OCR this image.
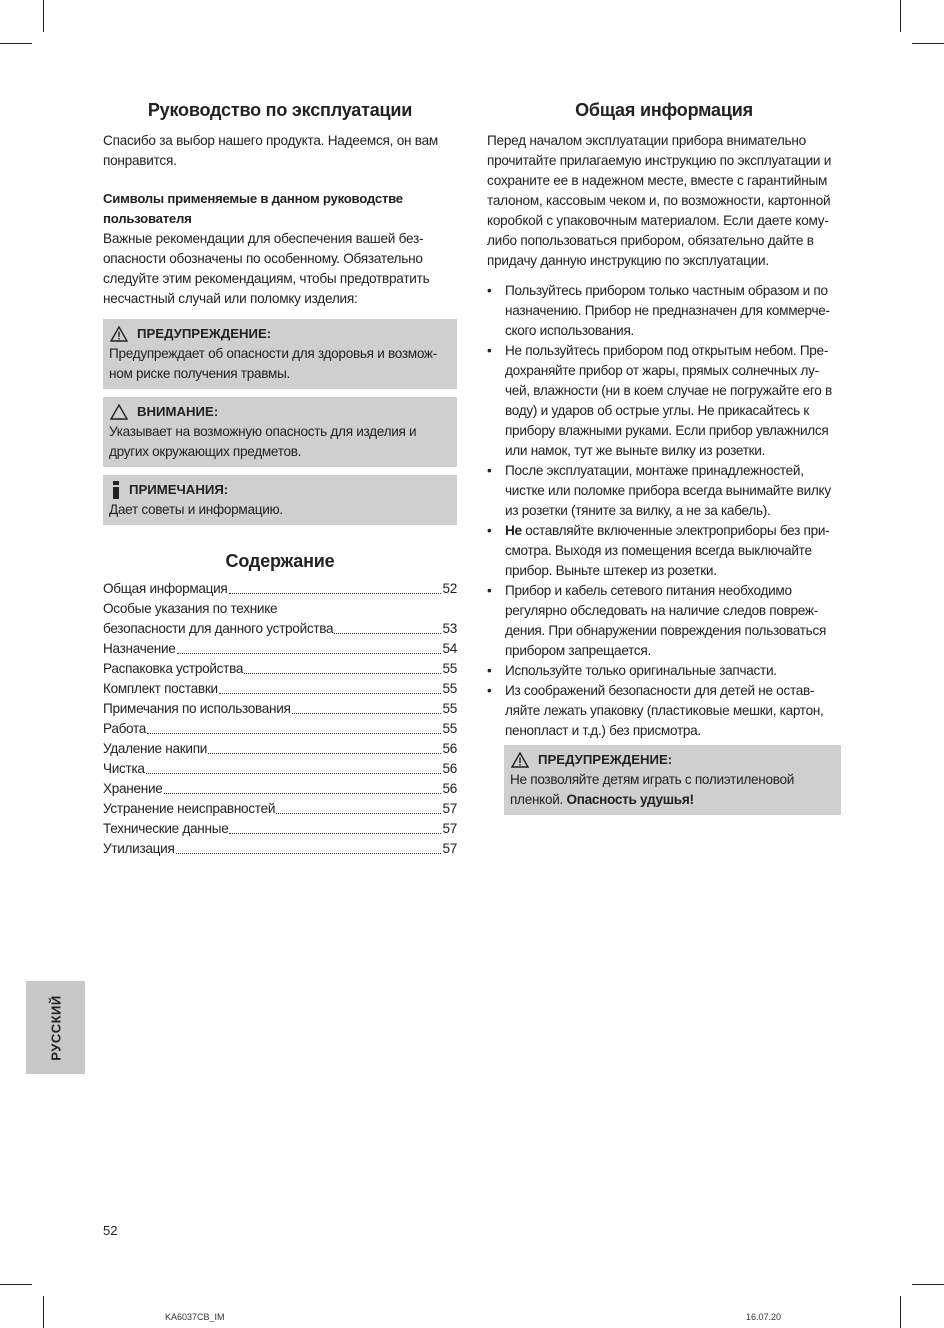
Руководство по эксплуатации

Спасибо за выбор нашего продукта. Надеемся, он вам понравится.

Символы применяемые в данном руководстве пользователя

Важные рекомендации для обеспечения вашей без-опасности обозначены по особенному. Обязательно следуйте этим рекомендациям, чтобы предотвратить несчастный случай или поломку изделия:

ПРЕДУПРЕЖДЕНИЕ:
Предупреждает об опасности для здоровья и возмож-ном риске получения травмы.
ВНИМАНИЕ:
Указывает на возможную опасность для изделия и других окружающих предметов.
ПРИМЕЧАНИЯ:
Дает советы и информацию.
Содержание
Общая информация	52
Особые указания по технике
безопасности для данного устройства	53
Назначение	54
Распаковка устройства	55
Комплект поставки	55
Примечания по использования	55
Работа	55
Удаление накипи	56
Чистка	56
Хранение	56
Устранение неисправностей	57
Технические данные	57
Утилизация	57
Общая информация

Перед началом эксплуатации прибора внимательно прочитайте прилагаемую инструкцию по эксплуатации и сохраните ее в надежном месте, вместе с гарантийным талоном, кассовым чеком и, по возможности, картонной коробкой с упаковочным материалом. Если даете кому-либо попользоваться прибором, обязательно дайте в придачу данную инструкцию по эксплуатации.

• Пользуйтесь прибором только частным образом и по назначению. Прибор не предназначен для коммерче-ского использования.
• Не пользуйтесь прибором под открытым небом. Пре-дохраняйте прибор от жары, прямых солнечных лу-чей, влажности (ни в коем случае не погружайте его в воду) и ударов об острые углы. Не прикасайтесь к прибору влажными руками. Если прибор увлажнился или намок, тут же выньте вилку из розетки.
• После эксплуатации, монтаже принадлежностей, чистке или поломке прибора всегда вынимайте вилку из розетки (тяните за вилку, а не за кабель).
• Не оставляйте включенные электроприборы без при-смотра. Выходя из помещения всегда выключайте прибор. Выньте штекер из розетки.
• Прибор и кабель сетевого питания необходимо регулярно обследовать на наличие следов повреж-дения. При обнаружении повреждения пользоваться прибором запрещается.
• Используйте только оригинальные запчасти.
• Из соображений безопасности для детей не остав-ляйте лежать упаковку (пластиковые мешки, картон, пенопласт и т.д.) без присмотра.
ПРЕДУПРЕЖДЕНИЕ:
Не позволяйте детям играть с полиэтиленовой пленкой. Опасность удушья!
РУССКИЙ
52
KA6037CB_IM	16.07.20
